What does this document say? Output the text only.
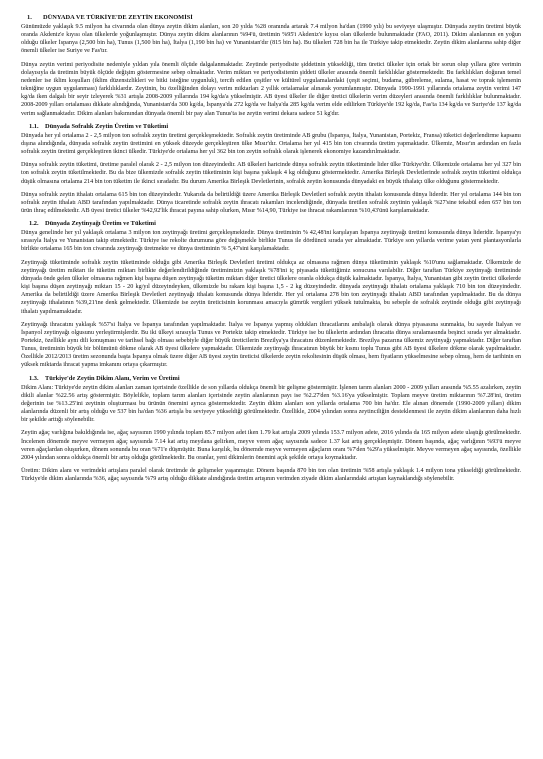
1. DÜNYADA VE TÜRKİYE'DE ZEYTİN EKONOMİSİ

Günümüzde yaklaşık 9.5 milyon ha civarında olan dünya zeytin dikim alanları, son 20 yılda %28 oranında artarak 7.4 milyon ha'dan (1990 yılı) bu seviyeye ulaşmıştır. Dünyada zeytin üretimi büyük oranda Akdeniz'e kıyısı olan ülkelerde yoğunlaşmıştır. Dünya zeytin dikim alanlarının %94'ü, üretimin %95'i Akdeniz'e kıyısı olan ülkelerde bulunmaktadır (FAO, 2011). Dikim alanlarının en yoğun olduğu ülkeler İspanya (2,500 bin ha), Tunus (1,500 bin ha), İtalya (1,190 bin ha) ve Yunanistan'dır (815 bin ha). Bu ülkeleri 728 bin ha ile Türkiye takip etmektedir. Zeytin dikim alanlarına sahip diğer önemli ülkeler ise Suriye ve Fas'tır.

Dünya zeytin verimi periyodisite nedeniyle yıldan yıla önemli ölçüde dalgalanmaktadır. Zeytinde periyodisite şiddetinin yüksekliği, tüm üretici ülkeler için ortak bir sorun olup yıllara göre verimin dolayısıyla da üretimin büyük ölçüde değişim göstermesine sebep olmaktadır. Verim miktarı ve periyodisitenin şiddeti ülkeler arasında önemli farklılıklar göstermektedir. Bu farklılıkları doğuran temel nedenler ise iklim koşulları (iklim düzensizlikleri ve bitki isteğine uygunluk), tercih edilen çeşitler ve kültürel uygulamalardaki (çeşit seçimi, budama, gübreleme, sulama, hasat ve toprak işlemenin tekniğine uygun uygulanması) farklılıklardır. Zeytinin, bu özelliğinden dolayı verim miktarları 2 yıllık ortalamalar alınarak yorumlanmıştır. Dünyada 1990-1991 yıllarında ortalama zeytin verimi 147 kg/da iken dalgalı bir seyir izleyerek %31 artışla 2008-2009 yıllarında 194 kg/da'a yükselmiştir. AB üyesi ülkeler ile diğer üretici ülkelerin verim düzeyleri arasında önemli farklılıklar bulunmaktadır. 2008-2009 yılları ortalaması dikkate alındığında, Yunanistan'da 300 kg/da, İspanya'da 272 kg/da ve İtalya'da 285 kg/da verim elde edilirken Türkiye'de 192 kg/da, Fas'ta 134 kg/da ve Suriye'de 137 kg/da verim sağlanmaktadır. Dikim alanları bakımından dünyada önemli bir pay alan Tunus'ta ise zeytin verimi dekara sadece 51 kg'dır.

1.1. Dünyada Sofralık Zeytin Üretim ve Tüketimi

Dünyada her yıl ortalama 2 - 2,5 milyon ton sofralık zeytin üretimi gerçekleşmektedir. Sofralık zeytin üretiminde AB grubu (İspanya, İtalya, Yunanistan, Portekiz, Fransa) tüketici değerlendirme kapsamı dışına alındığında, dünyada sofralık zeytin üretimini en yüksek düzeyde gerçekleştiren ülke Mısır'dır. Ortalama her yıl 415 bin ton civarında üretim yapmaktadır. Ülkemiz, Mısır'ın ardından en fazla sofralık zeytin üretimi gerçekleştiren ikinci ülkedir. Türkiye'de ortalama her yıl 362 bin ton zeytin sofralık olarak işlenerek ekonomiye kazandırılmaktadır.

Dünya sofralık zeytin tüketimi, üretime paralel olarak 2 - 2,5 milyon ton düzeyindedir. AB ülkeleri haricinde dünya sofralık zeytin tüketiminde lider ülke Türkiye'dir. Ülkemizde ortalama her yıl 327 bin ton sofralık zeytin tüketilmektedir. Bu da bize ülkemizde sofralık zeytin tüketiminin kişi başına yaklaşık 4 kg olduğunu göstermektedir. Amerika Birleşik Devletlerinde sofralık zeytin tüketimi oldukça düşük olmasına ortalama 214 bin ton tüketim ile ikinci sıradadır. Bu durum Amerika Birleşik Devletlerinin, sofralık zeytin konusunda dünyadaki en büyük ithalatçı ülke olduğunu göstermektedir.

Dünya sofralık zeytin ithalatı ortalama 615 bin ton düzeyindedir. Yukarıda da belirtildiği üzere Amerika Birleşik Devletleri sofralık zeytin ithalatı konusunda dünya liderdir. Her yıl ortalama 144 bin ton sofralık zeytin ithalatı ABD tarafından yapılmaktadır. Dünya ticaretinde sofralık zeytin ihracatı rakamları incelendiğinde, dünyada üretilen sofralık zeytinin yaklaşık %27'sine tekabül eden 657 bin ton ürün ihraç edilmektedir. AB üyesi üretici ülkeler %42,92'lik ihracat payına sahip olurken, Mısır %14,90, Türkiye ise ihracat rakamlarının %10,43'ünü karşılamaktadır.

1.2. Dünyada Zeytinyağı Üretim ve Tüketimi

Dünya genelinde her yıl yaklaşık ortalama 3 milyon ton zeytinyağı üretimi gerçekleşmektedir. Dünya üretiminin % 42,48'ini karşılayan İspanya zeytinyağı üretimi konusunda dünya lideridir. İspanya'yı sırasıyla İtalya ve Yunanistan takip etmektedir. Türkiye ise rekolte durumuna göre değişmekle birlikte Tunus ile dördüncü sırada yer almaktadır. Türkiye son yıllarda verime yatan yeni plantasyonlarla birlikte ortalama 165 bin ton civarında zeytinyağı üretmekte ve dünya üretiminin % 5,47'sini karşılamaktadır.

Zeytinyağı tüketiminde sofralık zeytin tüketiminde olduğu gibi Amerika Birleşik Devletleri üretimi oldukça az olmasına rağmen dünya tüketiminin yaklaşık %10'unu sağlamaktadır. Ülkemizde de zeytinyağı üretim miktarı ile tüketim miktarı birlikte değerlendirildiğinde üretimimizin yaklaşık %78'ini iç piyasada tükettiğimiz sonucuna varılabilir. Diğer taraftan Türkiye zeytinyağı üretiminde dünyada önde gelen ülkeler olmasına rağmen kişi başına düşen zeytinyağı tüketim miktarı diğer üretici ülkelere oranla oldukça düşük kalmaktadır. İspanya, İtalya, Yunanistan gibi zeytin üretici ülkelerde kişi başına düşen zeytinyağı miktarı 15 - 20 kg/yıl düzeyindeyken, ülkemizde bu rakam kişi başına 1,5 - 2 kg düzeyindedir. dünyada zeytinyağı ithalatı ortalama yaklaşık 710 bin ton düzeyindedir. Amerika da belirtildiği üzere Amerika Birleşik Devletleri zeytinyağı ithalatı konusunda dünya lideridir. Her yıl ortalama 278 bin ton zeytinyağı ithalatı ABD tarafından yapılmaktadır. Bu da dünya zeytinyağı ithalatının %39,21'ine denk gelmektedir. Ülkemizde ise zeytin üreticisinin korunması amacıyla gümrük vergileri yüksek tutulmakta, bu sebeple de sofralık zeytinde olduğu gibi zeytinyağı ithalatı yapılmamaktadır.

Zeytinyağı ihracatını yaklaşık %57'si İtalya ve İspanya tarafından yapılmaktadır. İtalya ve İspanya yapmış oldukları ihracatlarını ambalajlı olarak dünya piyasasına sunmakta, bu sayede İtalyan ve İspanyol zeytinyağı olgusunu yerleştirmişlerdir. Bu iki ülkeyi sırasıyla Tunus ve Portekiz takip etmektedir. Türkiye ise bu ülkelerin ardından ihracatta dünya sıralamasında beşinci sırada yer almaktadır. Portekiz, özellikle aynı dili konuşması ve tarihsel bağı olması sebebiyle diğer büyük üreticilerin Brezilya'ya ihracatını düzenlemektedir. Brezilya pazarına ülkemiz zeytinyağı yapmaktadır. Diğer taraftan Tunus, üretiminin büyük bir bölümünü dökme olarak AB üyesi ülkelere yapmaktadır. Ülkemizde zeytinyağı ihracatının büyük bir kısmı toplu Tunus gibi AB üyesi ülkelere dökme olarak yapılmaktadır. Özellikle 2012/2013 üretim sezonunda başta İspanya olmak üzere diğer AB üyesi zeytin üreticisi ülkelerde zeytin rekoltesinin düşük olması, hem fiyatların yükselmesine sebep olmuş, hem de tarihinin en yüksek miktarda ihracat yapma imkanını ortaya çıkarmıştır.

1.3. Türkiye'de Zeytin Dikim Alanı, Verim ve Üretimi

Dikim Alanı: Türkiye'de zeytin dikim alanları zaman içerisinde özellikle de son yıllarda oldukça önemli bir gelişme göstermiştir. İşlenen tarım alanları 2000 - 2009 yılları arasında %5.55 azalırken, zeytin dikili alanlar %22.56 artış göstermiştir. Böylelikle, toplam tarım alanları içerisinde zeytin alanlarının payı ise %2.27'den %3.16'ya yükselmiştir. Toplam meyve üretim miktarının %7.28'ini, üretim değerinin ise %13.25'ini zeytinin oluşturması bu ürünün önemini ayrıca göstermektedir. Zeytin dikim alanları son yıllarda ortalama 700 bin ha'dır. Ele alınan dönemde (1990-2009 yılları) dikim alanlarında düzenli bir artış olduğu ve 537 bin ha'dan %36 artışla bu seviyeye yükseldiği görülmektedir. Özellikle, 2004 yılından sonra zeytinciliğin desteklenmesi ile zeytin dikim alanlarının daha hızlı bir şekilde arttığı söylenebilir.

Zeytin ağaç varlığına bakıldığında ise, ağaç sayısının 1990 yılında toplam 85.7 milyon adet iken 1.79 kat artışla 2009 yılında 153.7 milyon adete, 2016 yılında da 165 milyon adete ulaştığı görülmektedir. İncelenen dönemde meyve vermeyen ağaç sayısında 7.14 kat artış meydana gelirken, meyve veren ağaç sayısında sadece 1.37 kat artış gerçekleşmiştir. Dönem başında, ağaç varlığının %93'ü meyve veren ağaçlardan oluşurken, dönem sonunda bu oran %71'e düşmüştür. Buna karşılık, bu dönemde meyve vermeyen ağaçların oranı %7'den %29'a yükselmiştir. Meyve vermeyen ağaç sayısında, özellikle 2004 yılından sonra oldukça önemli bir artış olduğu görülmektedir. Bu oranlar, yeni dikimlerin önemini açık şekilde ortaya koymaktadır.

Üretim: Dikim alanı ve verimdeki artışlara paralel olarak üretimde de gelişmeler yaşanmıştır. Dönem başında 870 bin ton olan üretimin %58 artışla yaklaşık 1.4 milyon tona yükseldiği görülmektedir. Türkiye'de dikim alanlarında %36, ağaç sayısında %79 artış olduğu dikkate alındığında üretim artışının verimden ziyade dikim alanlarındaki artıştan kaynaklandığı söylenebilir.
